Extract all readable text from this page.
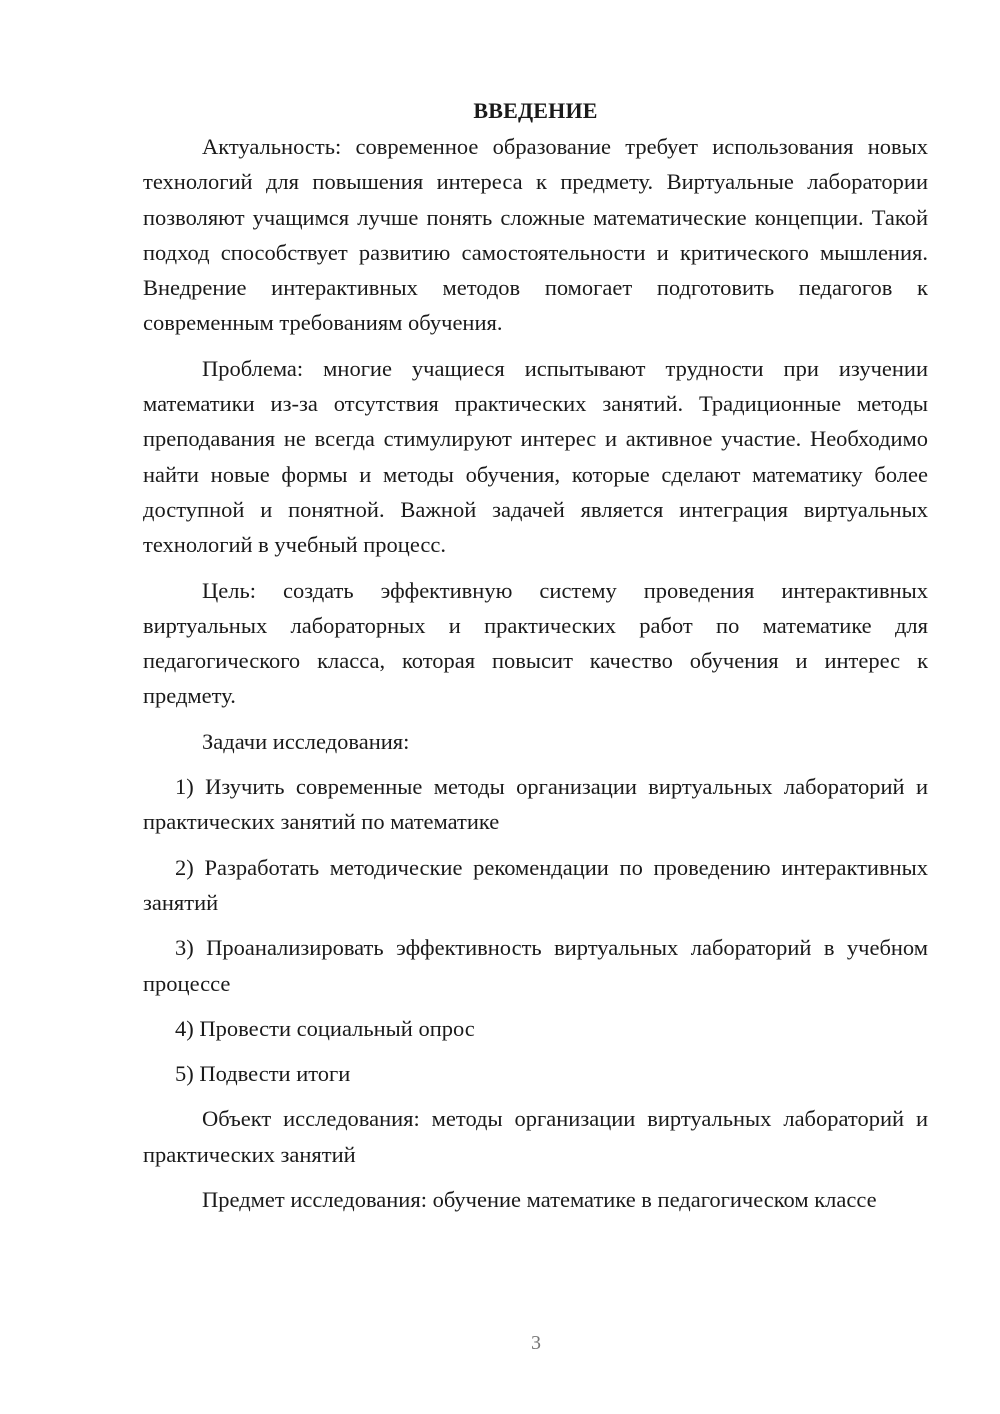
ВВЕДЕНИЕ

Актуальность: современное образование требует использования новых технологий для повышения интереса к предмету. Виртуальные лаборатории позволяют учащимся лучше понять сложные математические концепции. Такой подход способствует развитию самостоятельности и критического мышления. Внедрение интерактивных методов помогает подготовить педагогов к современным требованиям обучения.

Проблема: многие учащиеся испытывают трудности при изучении математики из-за отсутствия практических занятий. Традиционные методы преподавания не всегда стимулируют интерес и активное участие. Необходимо найти новые формы и методы обучения, которые сделают математику более доступной и понятной. Важной задачей является интеграция виртуальных технологий в учебный процесс.

Цель: создать эффективную систему проведения интерактивных виртуальных лабораторных и практических работ по математике для педагогического класса, которая повысит качество обучения и интерес к предмету.

Задачи исследования:

1) Изучить современные методы организации виртуальных лабораторий и практических занятий по математике

2) Разработать методические рекомендации по проведению интерактивных занятий

3) Проанализировать эффективность виртуальных лабораторий в учебном процессе

4) Провести социальный опрос

5) Подвести итоги

Объект исследования: методы организации виртуальных лабораторий и практических занятий

Предмет исследования: обучение математике в педагогическом классе

3
